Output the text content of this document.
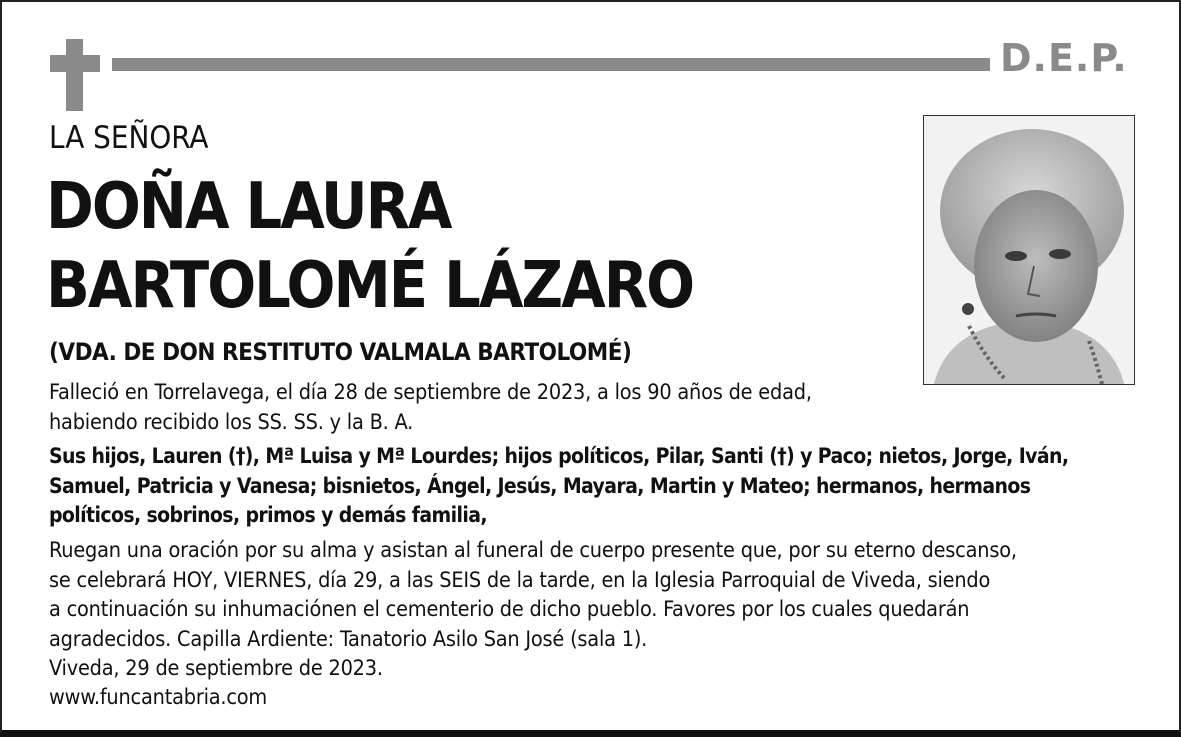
D.E.P.
LA SEÑORA
DOÑA LAURA
BARTOLOMÉ LÁZARO
(VDA. DE DON RESTITUTO VALMALA BARTOLOMÉ)
Falleció en Torrelavega, el día 28 de septiembre de 2023, a los 90 años de edad,
habiendo recibido los SS. SS. y la B. A.
Sus hijos, Lauren (†), Mª Luisa y Mª Lourdes; hijos políticos, Pilar, Santi (†) y Paco; nietos, Jorge, Iván,
Samuel, Patricia y Vanesa; bisnietos, Ángel, Jesús, Mayara, Martin y Mateo; hermanos, hermanos
políticos, sobrinos, primos y demás familia,
Ruegan una oración por su alma y asistan al funeral de cuerpo presente que, por su eterno descanso,
se celebrará HOY, VIERNES, día 29, a las SEIS de la tarde, en la Iglesia Parroquial de Viveda, siendo
a continuación su inhumaciónen el cementerio de dicho pueblo. Favores por los cuales quedarán
agradecidos. Capilla Ardiente: Tanatorio Asilo San José (sala 1).
Viveda, 29 de septiembre de 2023.
www.funcantabria.com
